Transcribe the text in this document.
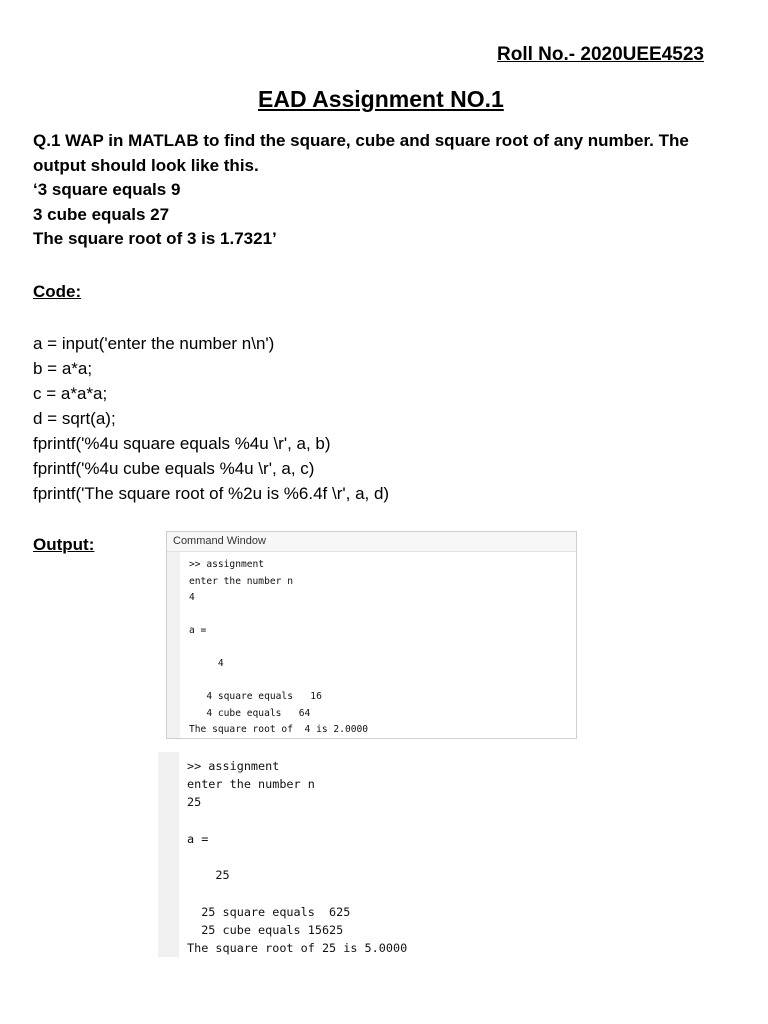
Roll No.- 2020UEE4523
EAD Assignment NO.1
Q.1 WAP in MATLAB to find the square, cube and square root of any number. The
output should look like this.
‘3 square equals 9
3 cube equals 27
The square root of 3 is 1.7321’
Code:
a = input('enter the number n\n')
b = a*a;
c = a*a*a;
d = sqrt(a);
fprintf('%4u square equals %4u \r', a, b)
fprintf('%4u cube equals %4u \r', a, c)
fprintf('The square root of %2u is %6.4f \r', a, d)
Output:	Command Window
>> assignment
enter the number n
4
a =
4
4 square equals   16
4 cube equals   64
The square root of  4 is 2.0000
>> assignment
enter the number n
25
a =
25
25 square equals  625
25 cube equals 15625
The square root of 25 is 5.0000
